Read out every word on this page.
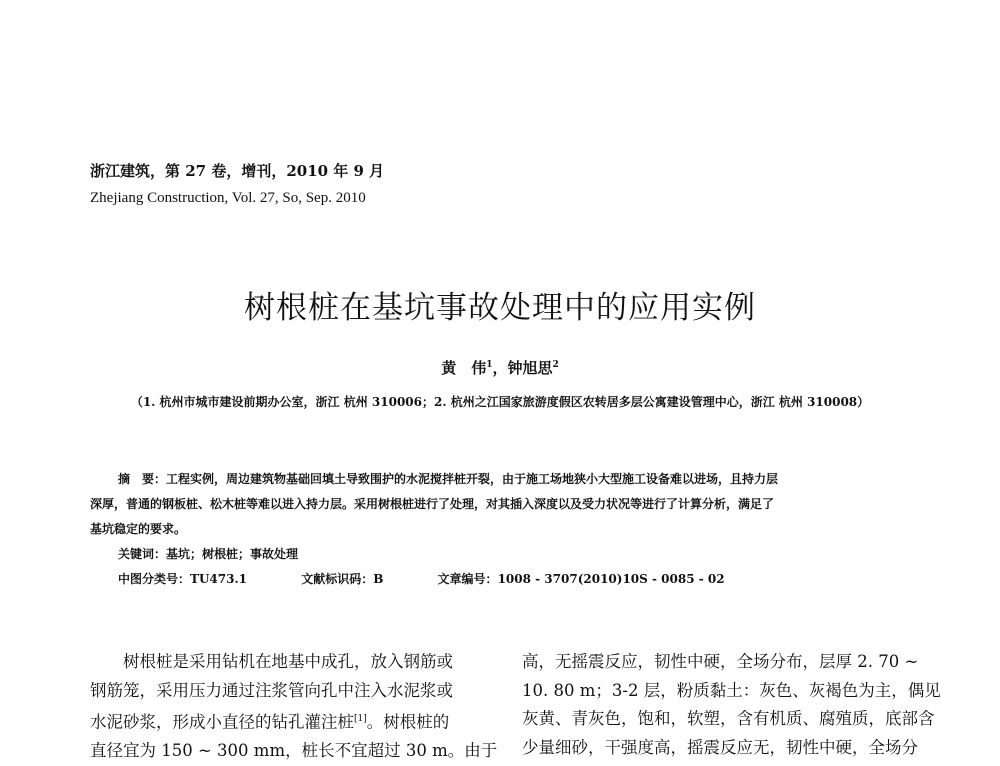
浙江建筑，第 27 卷，增刊，2010 年 9 月
Zhejiang Construction, Vol. 27, So, Sep. 2010
树根桩在基坑事故处理中的应用实例
黄　伟$^1$，钟旭思$^2$
（1. 杭州市城市建设前期办公室，浙江 杭州 310006；2. 杭州之江国家旅游度假区农转居多层公寓建设管理中心，浙江 杭州 310008）
摘　要：工程实例，周边建筑物基础回填土导致围护的水泥搅拌桩开裂，由于施工场地狭小大型施工设备难以进场，且持力层
深厚，普通的钢板桩、松木桩等难以进入持力层。采用树根桩进行了处理，对其插入深度以及受力状况等进行了计算分析，满足了
基坑稳定的要求。
关键词：基坑；树根桩；事故处理
中图分类号：TU473.1	文献标识码：B	文章编号：1008 - 3707(2010)10S - 0085 - 02
　　树根桩是采用钻机在地基中成孔，放入钢筋或
钢筋笼，采用压力通过注浆管向孔中注入水泥浆或
水泥砂浆，形成小直径的钻孔灌注桩[1]。树根桩的
直径宜为 150 ~ 300 mm，桩长不宜超过 30 m。由于
高，无摇震反应，韧性中硬，全场分布，层厚 2. 70 ~
10. 80 m；3-2 层，粉质黏土：灰色、灰褐色为主，偶见
灰黄、青灰色，饱和，软塑，含有机质、腐殖质，底部含
少量细砂，干强度高，摇震反应无，韧性中硬，全场分
